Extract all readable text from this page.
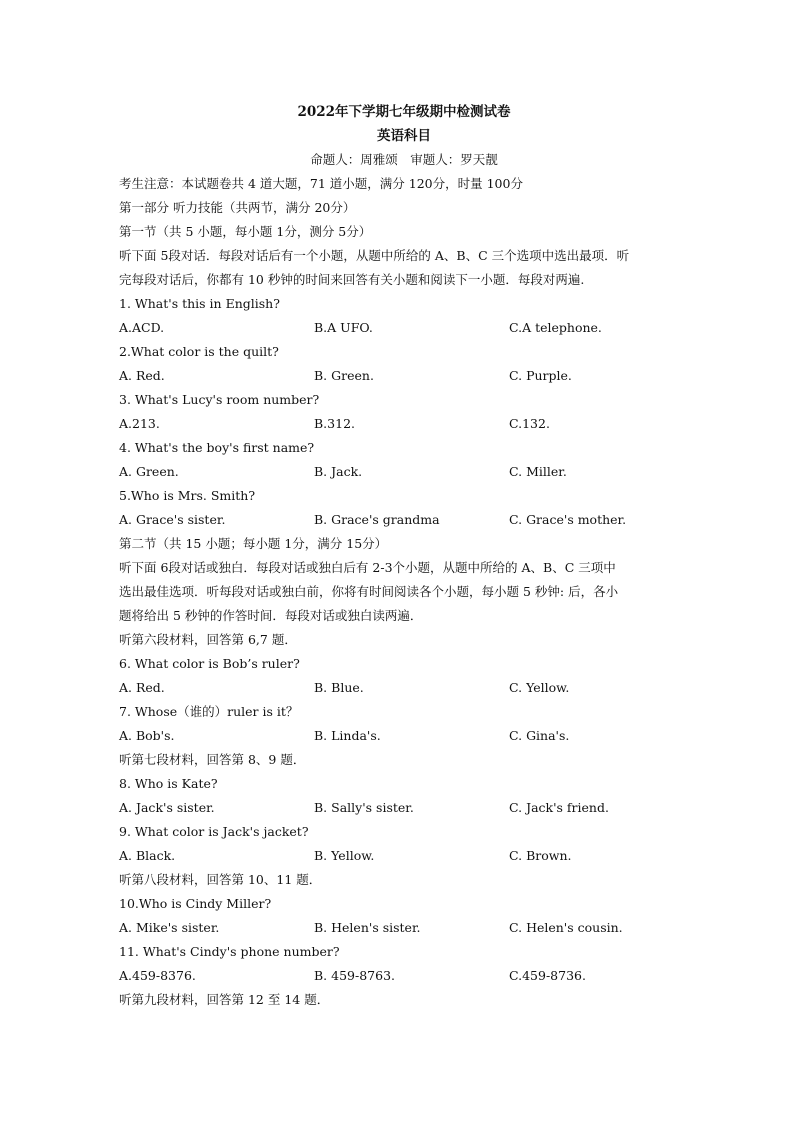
2022年下学期七年级期中检测试卷
英语科目
命题人：周雅颂　审题人：罗天靓
考生注意：本试题卷共 4 道大题，71 道小题，满分 120分，时量 100分
第一部分 听力技能（共两节，满分 20分）
第一节（共 5 小题，每小题 1分，测分 5分）
听下面 5段对话．每段对话后有一个小题，从题中所给的 A、B、C 三个选项中选出最项．听
完每段对话后，你都有 10 秒钟的时间来回答有关小题和阅读下一小题．每段对两遍.
1. What's this in English?
A.ACD.	B.A UFO.	C.A telephone.
2.What color is the quilt?
A. Red.	B. Green.	C. Purple.
3. What's Lucy's room number?
A.213.	B.312.	C.132.
4. What's the boy's first name?
A. Green.	B. Jack.	C. Miller.
5.Who is Mrs. Smith?
A. Grace's sister.	B. Grace's grandma	C. Grace's mother.
第二节（共 15 小题；每小题 1分，满分 15分）
听下面 6段对话或独白．每段对话或独白后有 2-3个小题，从题中所给的 A、B、C 三项中
选出最佳选项．听每段对话或独白前，你将有时间阅读各个小题，每小题 5 秒钟: 后，各小
题将给出 5 秒钟的作答时间．每段对话或独白读两遍．
听第六段材料，回答第 6,7 题．
6. What color is Bob’s ruler?
A. Red.	B. Blue.	C. Yellow.
7. Whose（谁的）ruler is it？
A. Bob's.	B. Linda's.	C. Gina's.
听第七段材料，回答第 8、9 题．
8. Who is Kate?
A. Jack's sister.	B. Sally's sister.	C. Jack's friend.
9. What color is Jack's jacket?
A. Black.	B. Yellow.	C. Brown.
听第八段材料，回答第 10、11 题．
10.Who is Cindy Miller?
A. Mike's sister.	B. Helen's sister.	C. Helen's cousin.
11. What's Cindy's phone number?
A.459-8376.	B. 459-8763.	C.459-8736.
听第九段材料，回答第 12 至 14 题．
